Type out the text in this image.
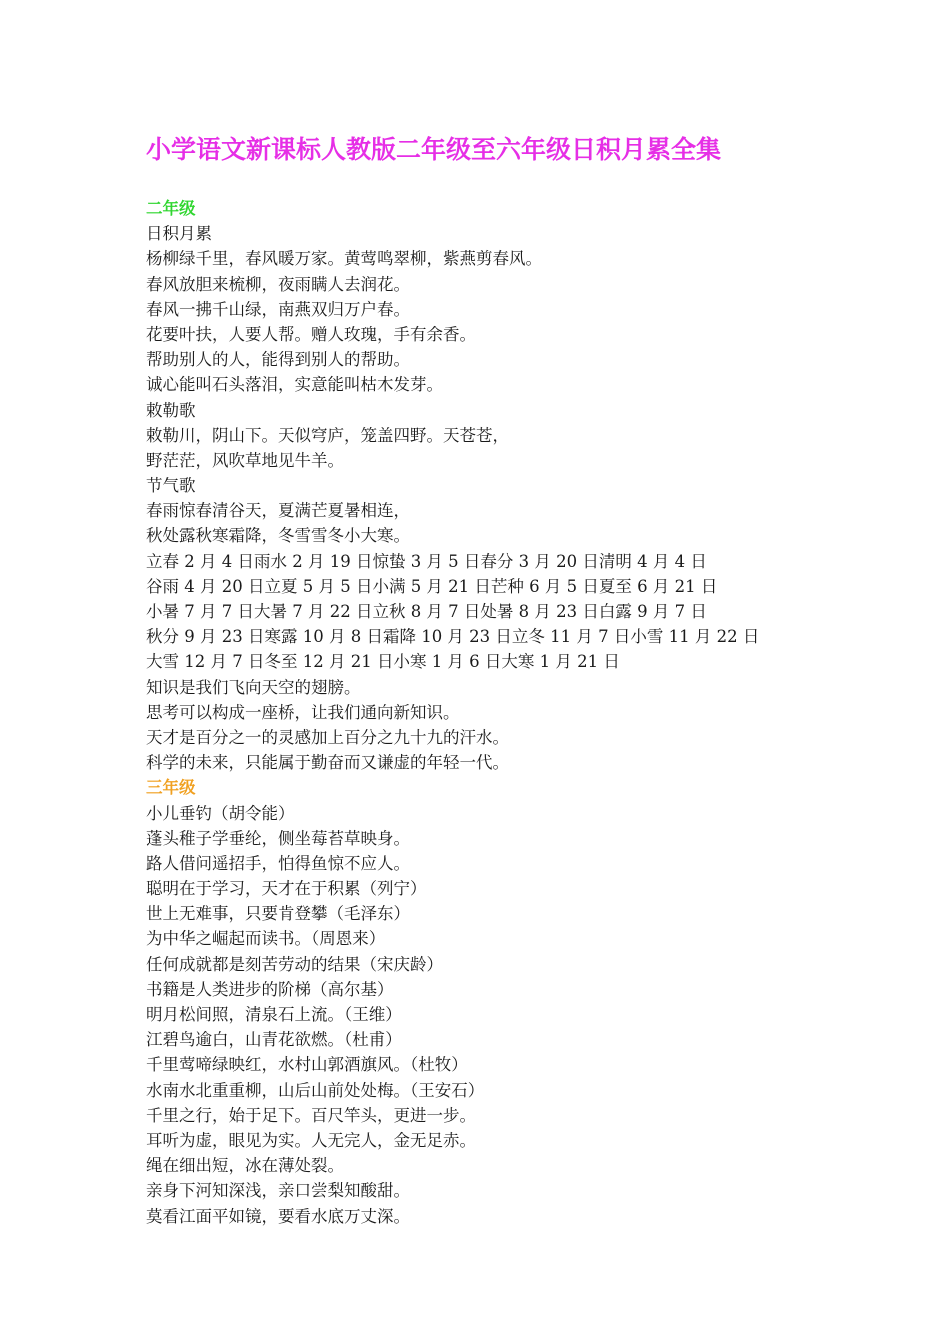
小学语文新课标人教版二年级至六年级日积月累全集
二年级
日积月累
杨柳绿千里，春风暖万家。黄莺鸣翠柳，紫燕剪春风。
春风放胆来梳柳，夜雨瞒人去润花。
春风一拂千山绿，南燕双归万户春。
花要叶扶，人要人帮。赠人玫瑰，手有余香。
帮助别人的人，能得到别人的帮助。
诚心能叫石头落泪，实意能叫枯木发芽。
敕勒歌
敕勒川，阴山下。天似穹庐，笼盖四野。天苍苍，
野茫茫，风吹草地见牛羊。
节气歌
春雨惊春清谷天，夏满芒夏暑相连，
秋处露秋寒霜降，冬雪雪冬小大寒。
立春 2 月 4 日雨水 2 月 19 日惊蛰 3 月 5 日春分 3 月 20 日清明 4 月 4 日
谷雨 4 月 20 日立夏 5 月 5 日小满 5 月 21 日芒种 6 月 5 日夏至 6 月 21 日
小暑 7 月 7 日大暑 7 月 22 日立秋 8 月 7 日处暑 8 月 23 日白露 9 月 7 日
秋分 9 月 23 日寒露 10 月 8 日霜降 10 月 23 日立冬 11 月 7 日小雪 11 月 22 日
大雪 12 月 7 日冬至 12 月 21 日小寒 1 月 6 日大寒 1 月 21 日
知识是我们飞向天空的翅膀。
思考可以构成一座桥，让我们通向新知识。
天才是百分之一的灵感加上百分之九十九的汗水。
科学的未来，只能属于勤奋而又谦虚的年轻一代。
三年级
小儿垂钓（胡令能）
蓬头稚子学垂纶，侧坐莓苔草映身。
路人借问遥招手，怕得鱼惊不应人。
聪明在于学习，天才在于积累（列宁）
世上无难事，只要肯登攀（毛泽东）
为中华之崛起而读书。（周恩来）
任何成就都是刻苦劳动的结果（宋庆龄）
书籍是人类进步的阶梯（高尔基）
明月松间照，清泉石上流。（王维）
江碧鸟逾白，山青花欲燃。（杜甫）
千里莺啼绿映红，水村山郭酒旗风。（杜牧）
水南水北重重柳，山后山前处处梅。（王安石）
千里之行，始于足下。百尺竿头，更进一步。
耳听为虚，眼见为实。人无完人，金无足赤。
绳在细出短，冰在薄处裂。
亲身下河知深浅，亲口尝梨知酸甜。
莫看江面平如镜，要看水底万丈深。
